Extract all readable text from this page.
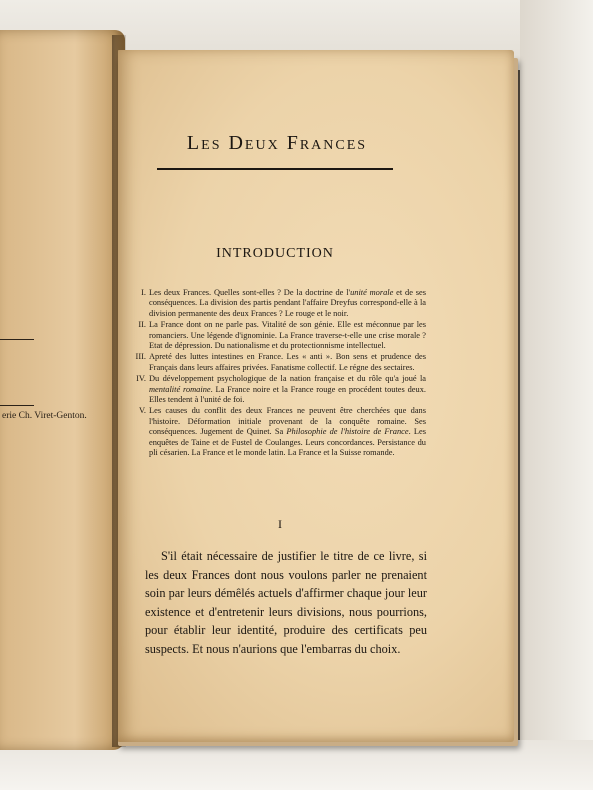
erie Ch. Viret-Genton.
Les Deux Frances
INTRODUCTION
I. Les deux Frances. Quelles sont-elles ? De la doctrine de l'unité morale et de ses conséquences. La division des partis pendant l'affaire Dreyfus correspond-elle à la division permanente des deux Frances ? Le rouge et le noir.
II. La France dont on ne parle pas. Vitalité de son génie. Elle est méconnue par les romanciers. Une légende d'ignominie. La France traverse-t-elle une crise morale ? Etat de dépression. Du nationalisme et du protectionnisme intellectuel.
III. Apreté des luttes intestines en France. Les « anti ». Bon sens et prudence des Français dans leurs affaires privées. Fanatisme collectif. Le régne des sectaires.
IV. Du développement psychologique de la nation française et du rôle qu'a joué la mentalité romaine. La France noire et la France rouge en procédent toutes deux. Elles tendent à l'unité de foi.
V. Les causes du conflit des deux Frances ne peuvent être cherchées que dans l'histoire. Déformation initiale provenant de la conquête romaine. Ses conséquences. Jugement de Quinet. Sa Philosophie de l'histoire de France. Les enquêtes de Taine et de Fustel de Coulanges. Leurs concordances. Persistance du pli césarien. La France et le monde latin. La France et la Suisse romande.
I
S'il était nécessaire de justifier le titre de ce livre, si les deux Frances dont nous voulons parler ne prenaient soin par leurs démêlés actuels d'affirmer chaque jour leur existence et d'entretenir leurs divisions, nous pourrions, pour établir leur identité, produire des certificats peu suspects. Et nous n'aurions que l'embarras du choix.
